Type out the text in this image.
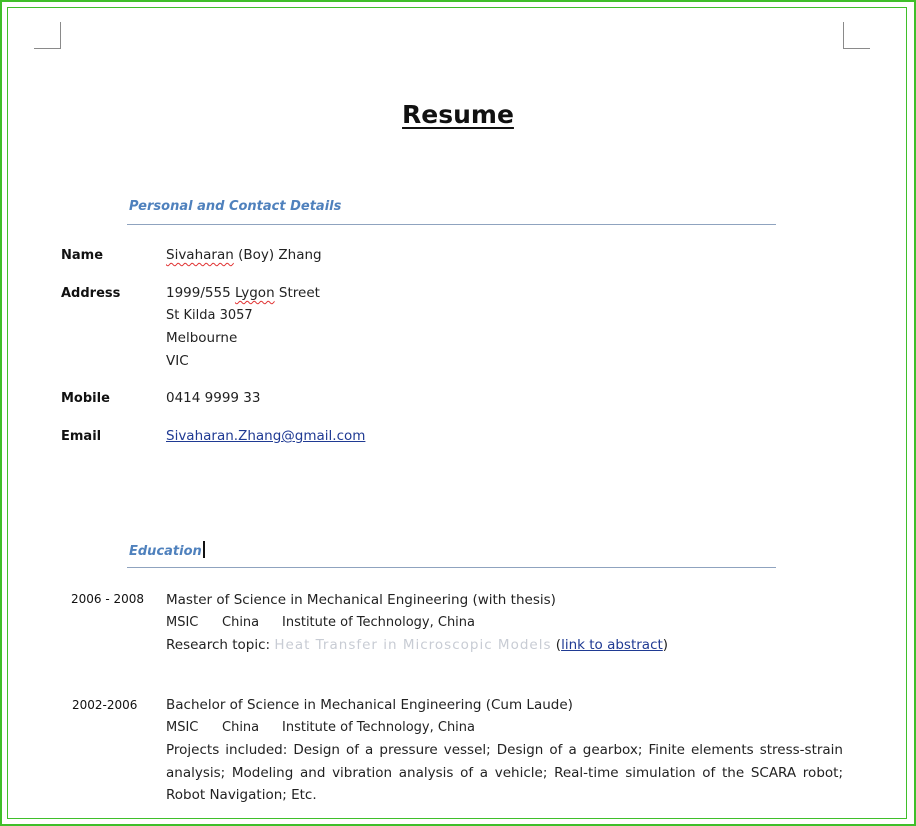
Resume
Personal and Contact Details
Name	Sivaharan (Boy) Zhang
Address	1999/555 Lygon Street
St Kilda 3057
Melbourne
VIC
Mobile	0414 9999 33
Email	Sivaharan.Zhang@gmail.com
Education
2006 - 2008 Master of Science in Mechanical Engineering (with thesis)
MSIC	China	Institute of Technology, China
Research topic: Heat Transfer in Microscopic Models (link to abstract)
2002-2006 Bachelor of Science in Mechanical Engineering (Cum Laude)
MSIC	China	Institute of Technology, China
Projects included: Design of a pressure vessel; Design of a gearbox; Finite elements stress-strain analysis; Modeling and vibration analysis of a vehicle; Real-time simulation of the SCARA robot; Robot Navigation; Etc.
